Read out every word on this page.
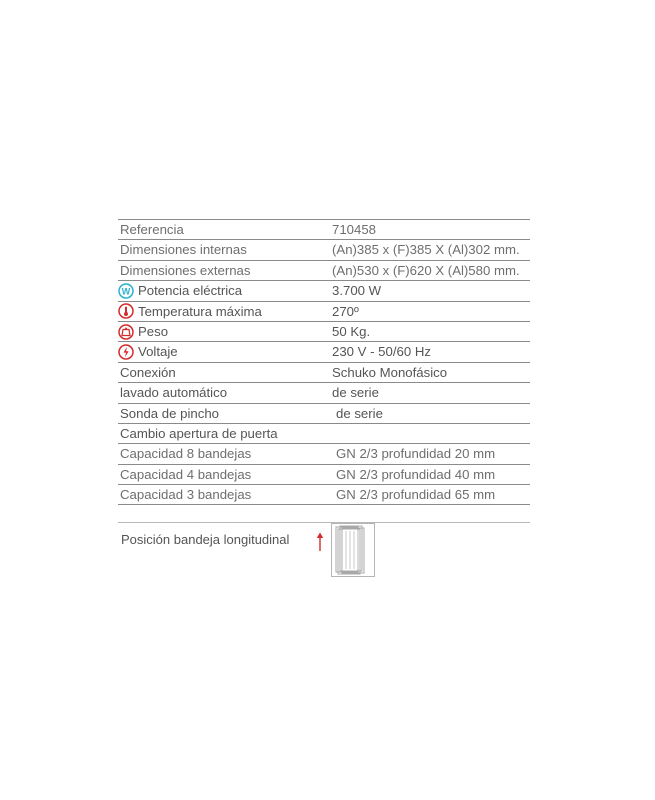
Referencia	710458
Dimensiones internas	(An)385 x (F)385 X (Al)302 mm.
Dimensiones externas	(An)530 x (F)620 X (Al)580 mm.
W Potencia eléctrica	3.700 W
Temperatura máxima	270º
Peso	50 Kg.
Voltaje	230 V - 50/60 Hz
Conexión	Schuko Monofásico
lavado automático	de serie
Sonda de pincho	de serie
Cambio apertura de puerta
Capacidad 8 bandejas	GN 2/3 profundidad 20 mm
Capacidad 4 bandejas	GN 2/3 profundidad 40 mm
Capacidad 3 bandejas	GN 2/3 profundidad 65 mm
Posición bandeja longitudinal
